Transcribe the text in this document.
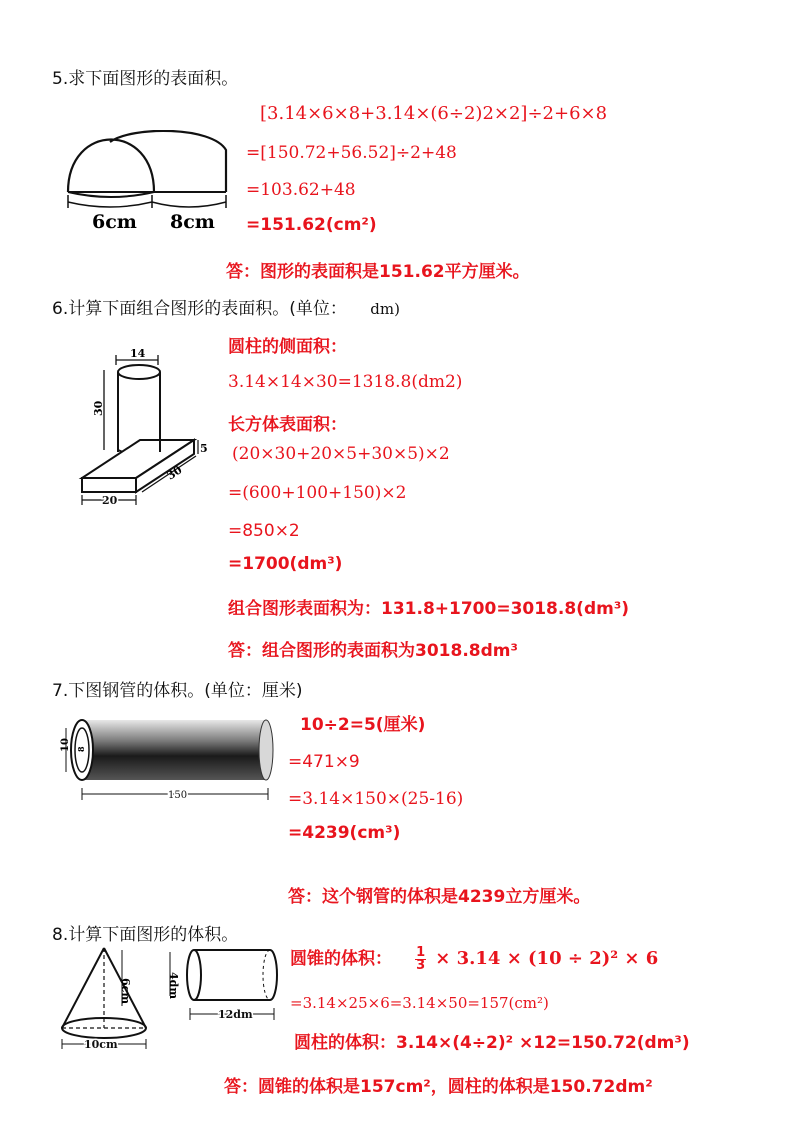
5.求下面图形的表面积。
6cm 8cm
[3.14×6×8+3.14×(6÷2)2×2]÷2+6×8
=[150.72+56.52]÷2+48
=103.62+48
=151.62(cm²)
答：图形的表面积是151.62平方厘米。
6.计算下面组合图形的表面积。(单位： dm)
14
30
5
30
20
圆柱的侧面积：
3.14×14×30=1318.8(dm2)
长方体表面积：
(20×30+20×5+30×5)×2
=(600+100+150)×2
=850×2
=1700(dm³)
组合图形表面积为：131.8+1700=3018.8(dm³)
答：组合图形的表面积为3018.8dm³
7.下图钢管的体积。(单位：厘米)
10 8
150
10÷2=5(厘米)
=471×9
=3.14×150×(25-16)
=4239(cm³)
答：这个钢管的体积是4239立方厘米。
8.计算下面图形的体积。
6cm
10cm
4dm
12dm
圆锥的体积： $\frac{1}{3} \times 3.14 \times (10 \div 2)^2 \times 6$
=3.14×25×6=3.14×50=157(cm²)
圆柱的体积：3.14×(4÷2)² ×12=150.72(dm³)
答：圆锥的体积是157cm²，圆柱的体积是150.72dm²
